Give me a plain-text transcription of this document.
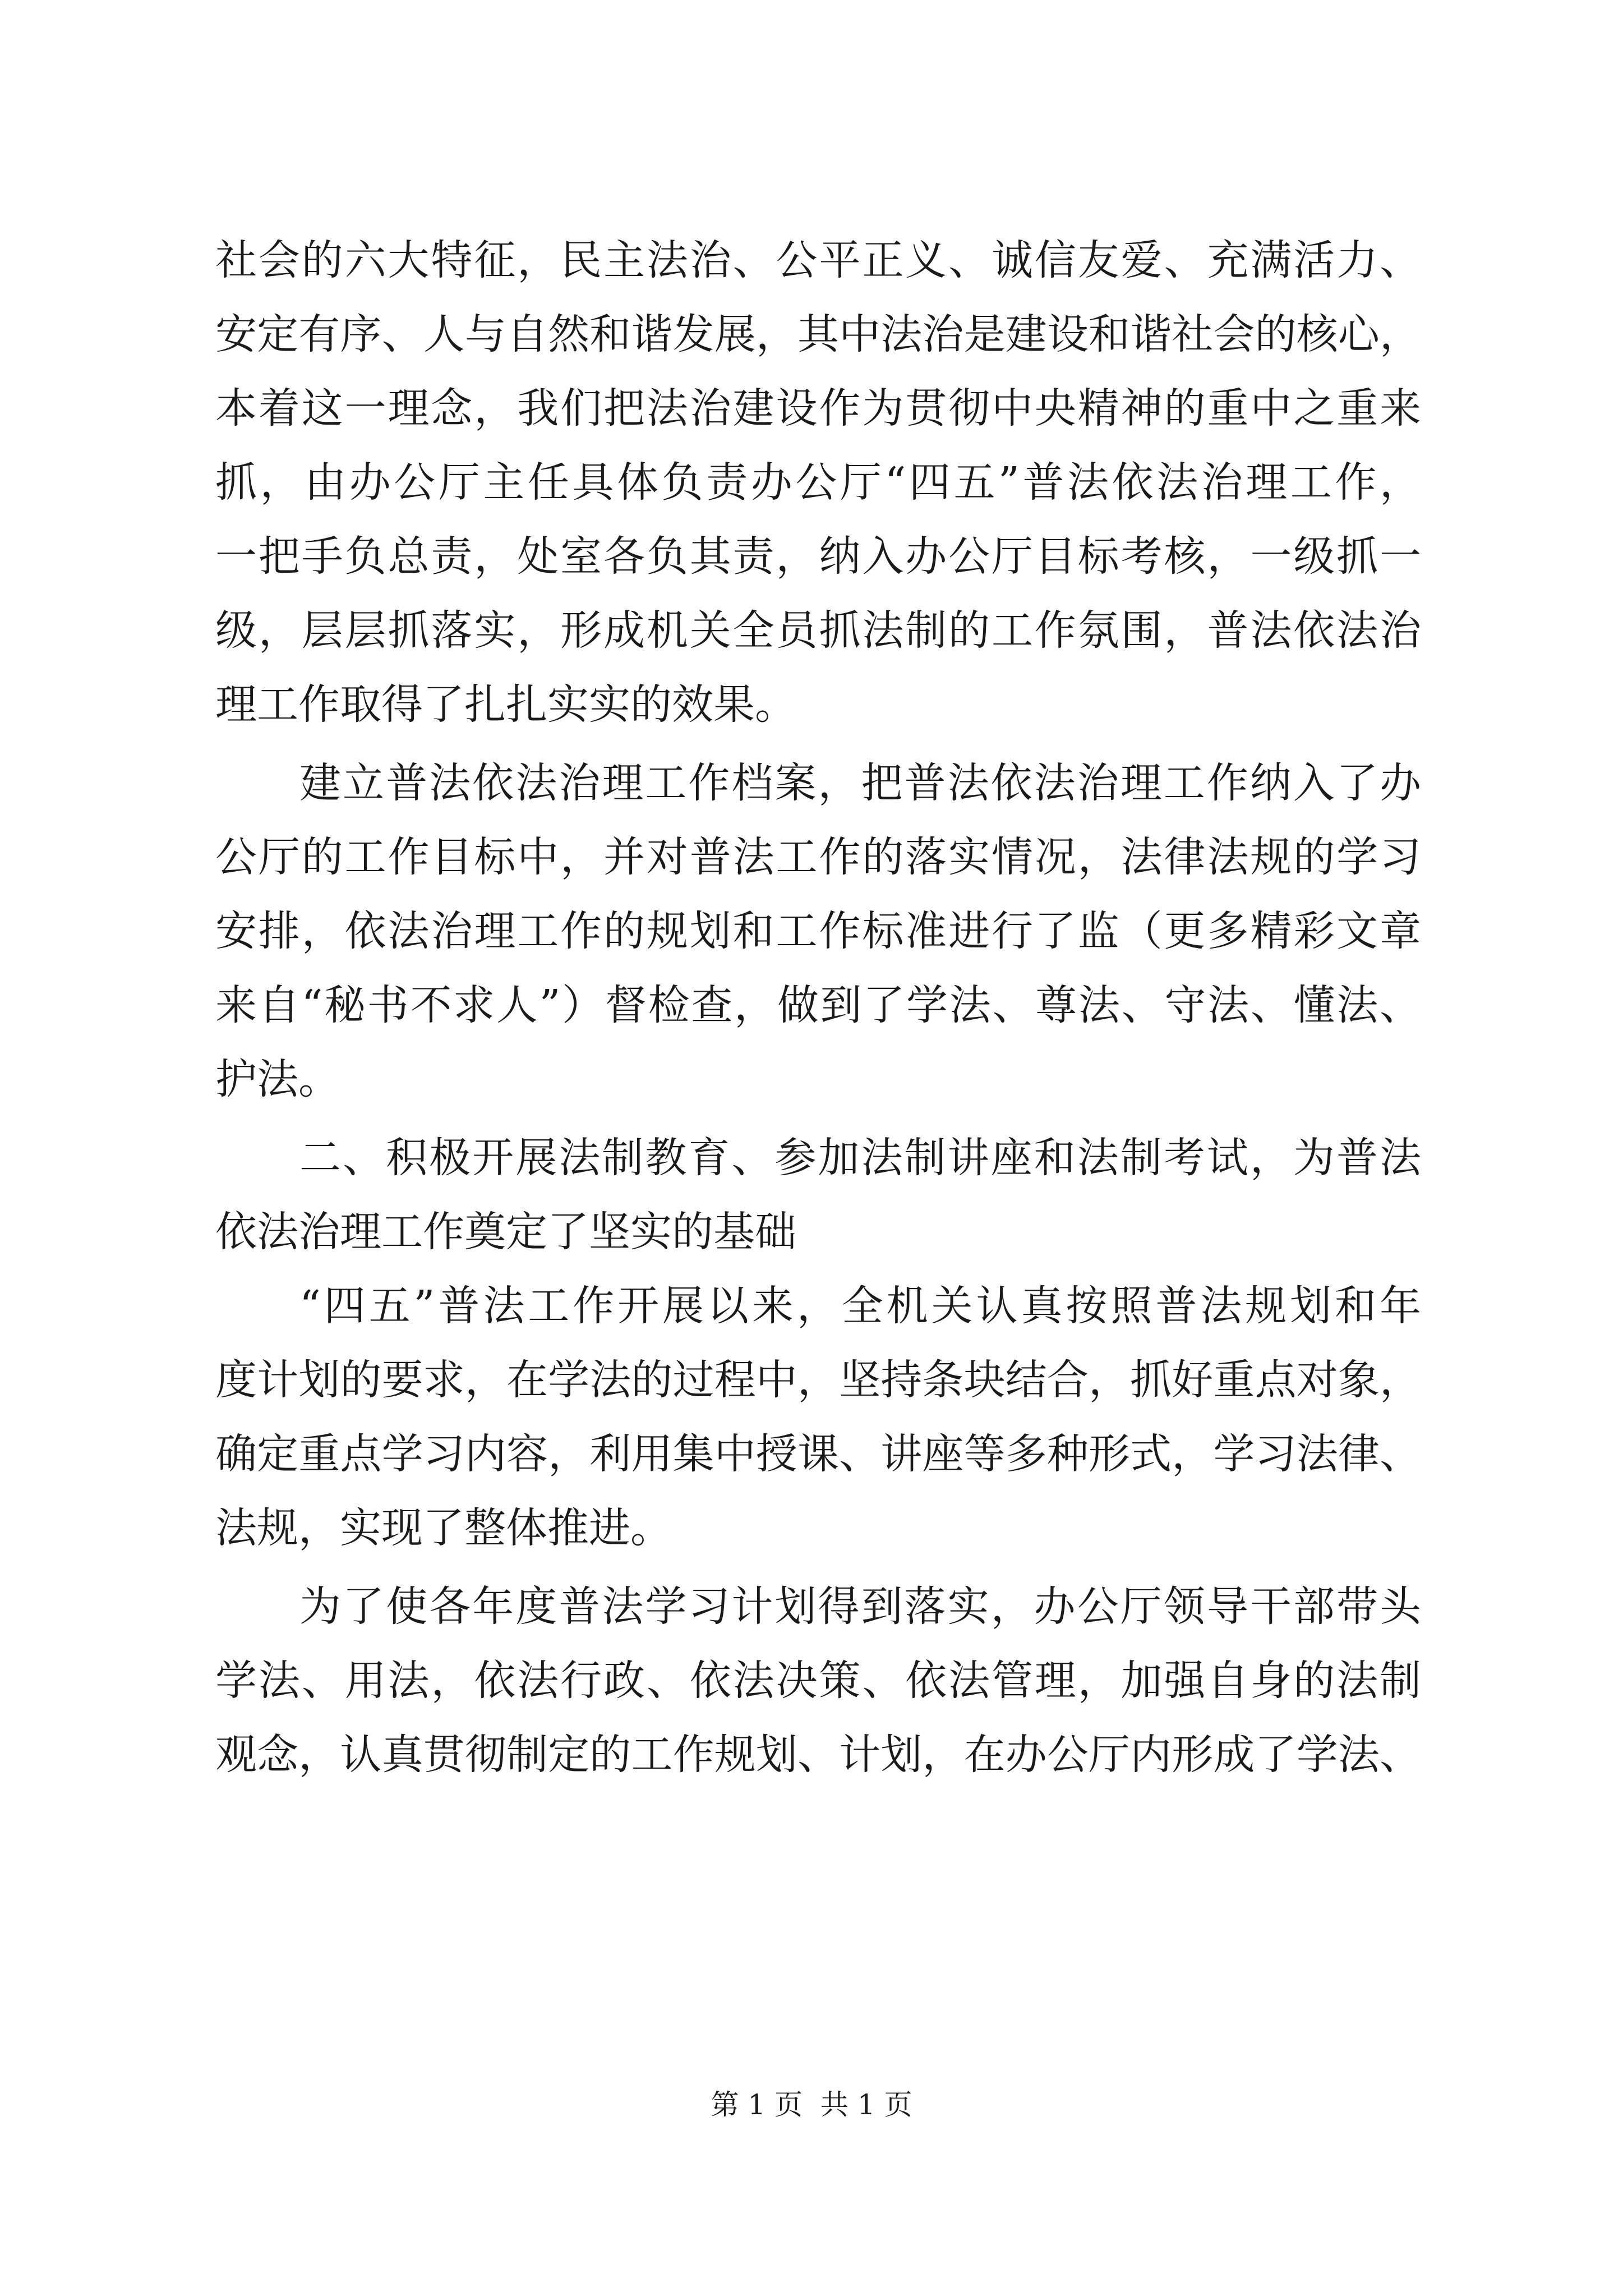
社会的六大特征，民主法治、公平正义、诚信友爱、充满活力、
安定有序、人与自然和谐发展，其中法治是建设和谐社会的核心，
本着这一理念，我们把法治建设作为贯彻中央精神的重中之重来
抓，由办公厅主任具体负责办公厅“四五”普法依法治理工作，
一把手负总责，处室各负其责，纳入办公厅目标考核，一级抓一
级，层层抓落实，形成机关全员抓法制的工作氛围，普法依法治
理工作取得了扎扎实实的效果。
建立普法依法治理工作档案，把普法依法治理工作纳入了办
公厅的工作目标中，并对普法工作的落实情况，法律法规的学习
安排，依法治理工作的规划和工作标准进行了监（更多精彩文章
来自“秘书不求人”）督检查，做到了学法、尊法、守法、懂法、
护法。
二、积极开展法制教育、参加法制讲座和法制考试，为普法
依法治理工作奠定了坚实的基础
“四五”普法工作开展以来，全机关认真按照普法规划和年
度计划的要求，在学法的过程中，坚持条块结合，抓好重点对象，
确定重点学习内容，利用集中授课、讲座等多种形式，学习法律、
法规，实现了整体推进。
为了使各年度普法学习计划得到落实，办公厅领导干部带头
学法、用法，依法行政、依法决策、依法管理，加强自身的法制
观念，认真贯彻制定的工作规划、计划，在办公厅内形成了学法、
第 1 页  共 1 页
